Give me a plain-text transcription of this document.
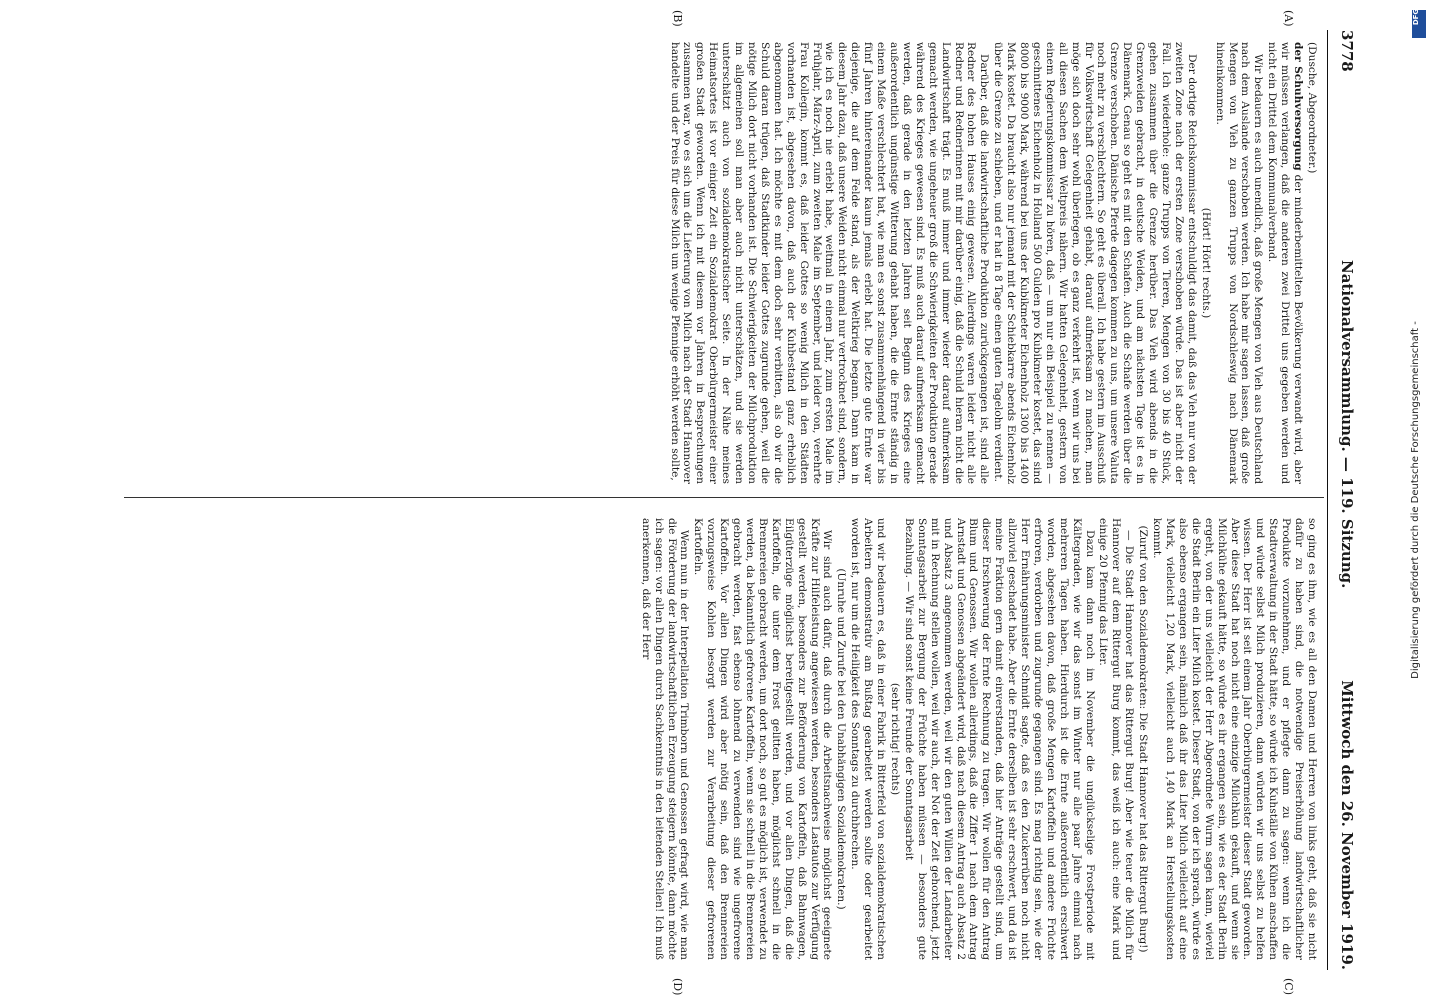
3778
Nationalversammlung. — 119. Sitzung.
Mittwoch den 26. November 1919.
(A)
(B)
(C)
(D)

(Dusche, Abgeordneter.)

der Schuhversorgung der minderbemittelten Bevölkerung verwandt wird, aber wir müssen verlangen, daß die anderen zwei Drittel uns gegeben werden und nicht ein Drittel dem Kommunalverband.

Wir bedauern es auch unendlich, daß große Mengen von Vieh aus Deutschland nach dem Auslande verschoben werden. Ich habe mir sagen lassen, daß große Mengen von Vieh zu ganzen Trupps von Nordschleswig nach Dänemark hineinkommen.

(Hört! Hört! rechts.)

Der dortige Reichskommissar entschuldigt das damit, daß das Vieh nur von der zweiten Zone nach der ersten Zone verschoben würde. Das ist aber nicht der Fall. Ich wiederhole: ganze Trupps von Tieren, Mengen von 30 bis 40 Stück, gehen zusammen über die Grenze herüber. Das Vieh wird abends in die Grenzweiden gebracht, in deutsche Weiden, und am nächsten Tage ist es in Dänemark. Genau so geht es mit den Schafen. Auch die Schafe werden über die Grenze verschoben. Dänische Pferde dagegen kommen zu uns, um unsere Valuta noch mehr zu verschlechtern. So geht es überall. Ich habe gestern im Ausschuß für Volkswirtschaft Gelegenheit gehabt, darauf aufmerksam zu machen, man möge sich doch sehr wohl überlegen, ob es ganz verkehrt ist, wenn wir uns bei all diesen Sachen dem Weltpreis nähern. Wir hatten Gelegenheit, gestern von einem Regierungskommissar zu hören, daß — um nur ein Beispiel zu nennen — geschnittenes Eichenholz in Holland 500 Gulden pro Kubikmeter kostet, das sind 8000 bis 9000 Mark, während bei uns der Kubikmeter Eichenholz 1300 bis 1400 Mark kostet. Da braucht also nur jemand mit der Schiebkarre abends Eichenholz über die Grenze zu schieben, und er hat in 8 Tage einen guten Tagelohn verdient.

Darüber, daß die landwirtschaftliche Produktion zurückgegangen ist, sind alle Redner des hohen Hauses einig gewesen. Allerdings waren leider nicht alle Redner und Rednerinnen mit mir darüber einig, daß die Schuld hieran nicht die Landwirtschaft trägt. Es muß immer und immer wieder darauf aufmerksam gemacht werden, wie ungeheuer groß die Schwierigkeiten der Produktion gerade während des Krieges gewesen sind. Es muß auch darauf aufmerksam gemacht werden, daß gerade in den letzten Jahren seit Beginn des Krieges eine außerordentlich ungünstige Witterung gehabt haben, die die Ernte ständig in einem Maße verschlechtert hat, wie man es sonst zusammenhängend in vier bis fünf Jahren hintereinander kaum jemals erlebt hat. Die letzte gute Ernte war diejenige, die auf dem Felde stand, als der Weltkrieg begann. Dann kam in diesem Jahr dazu, daß unsere Weiden nicht einmal nur vertrocknet sind, sondern, wie ich es noch nie erlebt habe, weitmal in einem Jahr, zum ersten Male im Frühjahr, März-April, zum zweiten Male im September, und leider von, verehrte Frau Kollegin, kommt es, daß leider Gottes so wenig Milch in den Städten vorhanden ist, abgesehen davon, daß auch der Kuhbestand ganz erheblich abgenommen hat. Ich möchte es mit dem doch sehr verbitten, als ob wir die Schuld daran trügen, daß Stadtkinder leider Gottes zugrunde gehen, weil die nötige Milch dort nicht vorhanden ist. Die Schwierigkeiten der Milchproduktion im allgemeinen soll man aber auch nicht unterschätzen, und sie werden unterschätzt auch von sozialdemokratischer Seite. In der Nähe meines Heimatsortes ist vor einiger Zeit ein Sozialdemokrat Oberbürgermeister einer großen Stadt geworden. Wenn ich mit diesem vor Jahren in Besprechungen zusammen war, wo es sich um die Lieferung von Milch nach der Stadt Hannover handelte und der Preis für diese Milch um wenige Pfennige erhöht werden sollte,

so ging es ihm, wie es all den Damen und Herren von links geht, daß sie nicht dafür zu haben sind, die notwendige Preiserhöhung landwirtschaftlicher Produkte vorzunehmen, und er pflegte dann zu sagen: wenn ich die Stadtverwaltung in der Stadt hätte, so würde ich Kuhställe von Kühen anschaffen und würde selbst Milch produzieren, dann würden wir uns selbst zu helfen wissen. Der Herr ist seit einem Jahr Oberbürgermeister dieser Stadt geworden. Aber diese Stadt hat noch nicht eine einzige Milchkuh gekauft, und wenn sie Milchkühe gekauft hätte, so würde es ihr ergangen sein, wie es der Stadt Berlin ergeht, von der uns vielleicht der Herr Abgeordnete Wurm sagen kann, wieviel die Stadt Berlin ein Liter Milch kostet. Dieser Stadt, von der ich sprach, würde es also ebenso ergangen sein, nämlich daß ihr das Liter Milch vielleicht auf eine Mark, vielleicht 1,20 Mark, vielleicht auch 1,40 Mark an Herstellungskosten kommt.

(Zuruf von den Sozialdemokraten: Die Stadt Hannover hat das Rittergut Burg!)

— Die Stadt Hannover hat das Rittergut Burg! Aber wie teuer die Milch für Hannover auf dem Rittergut Burg kommt, das weiß ich auch: eine Mark und einige 20 Pfennig das Liter.

Dazu kam dann noch im November die unglückselige Frostperiode mit Kältegraden, wie wir das sonst im Winter nur alle paar Jahre einmal nach mehreren Tagen haben. Hierdurch ist die Ernte außerordentlich erschwert worden, abgesehen davon, daß große Mengen Kartoffeln und andere Früchte erfroren, verdorben und zugrunde gegangen sind. Es mag richtig sein, wie der Herr Ernährungsminister Schmidt sagte, daß es den Zuckerrüben noch nicht allzuviel geschadet habe. Aber die Ernte derselben ist sehr erschwert, und da ist meine Fraktion gern damit einverstanden, daß hier Anträge gestellt sind, um dieser Erschwerung der Ernte Rechnung zu tragen. Wir wollen für den Antrag Blum und Genossen. Wir wollen allerdings, daß die Ziffer 1 nach dem Antrag Arnstadt und Genossen abgeändert wird, daß nach diesem Antrag auch Absatz 2 und Absatz 3 angenommen werden, weil wir den guten Willen der Landarbeiter mit in Rechnung stellen wollen, weil wir auch, der Not der Zeit gehorchend, jetzt Sonntagsarbeit zur Bergung der Früchte haben müssen — besonders gute Bezahlung. — Wir sind sonst keine Freunde der Sonntagsarbeit

(sehr richtig! rechts)

und wir bedauern es, daß in einer Fabrik in Bitterfeld von sozialdemokratischen Arbeitern demonstrativ am Bußtag gearbeitet werden sollte oder gearbeitet worden ist, nur um die Heiligkeit des Sonntags zu durchbrechen.

(Unruhe und Zurufe bei den Unabhängigen Sozialdemokraten.)

Wir sind auch dafür, daß durch die Arbeitsnachweise möglichst geeignete Kräfte zur Hilfeleistung angewiesen werden, besonders Lastautos zur Verfügung gestellt werden, besonders zur Beförderung von Kartoffeln, daß Bahnwagen, Eilgüterzüge möglichst bereitgestellt werden, und vor allen Dingen, daß die Kartoffeln, die unter dem Frost gelitten haben, möglichst schnell in die Brennereien gebracht werden, um dort noch, so gut es möglich ist, verwendet zu werden, da bekanntlich gefrorene Kartoffeln, wenn sie schnell in die Brennereien gebracht werden, fast ebenso lohnend zu verwenden sind wie ungefrorene Kartoffeln. Vor allen Dingen wird aber nötig sein, daß den Brennereien vorzugsweise Kohlen besorgt werden zur Verarbeitung dieser gefrorenen Kartoffeln.

Wenn nun in der Interpellation Trimborn und Genossen gefragt wird, wie man die Förderung der landwirtschaftlichen Erzeugung steigern könnte, dann möchte ich sagen: vor allen Dingen durch Sachkenntnis in den leitenden Stellen! Ich muß anerkennen, daß der Herr	Digitalisierung gefördert durch die Deutsche Forschungsgemeinschaft -
DFG
